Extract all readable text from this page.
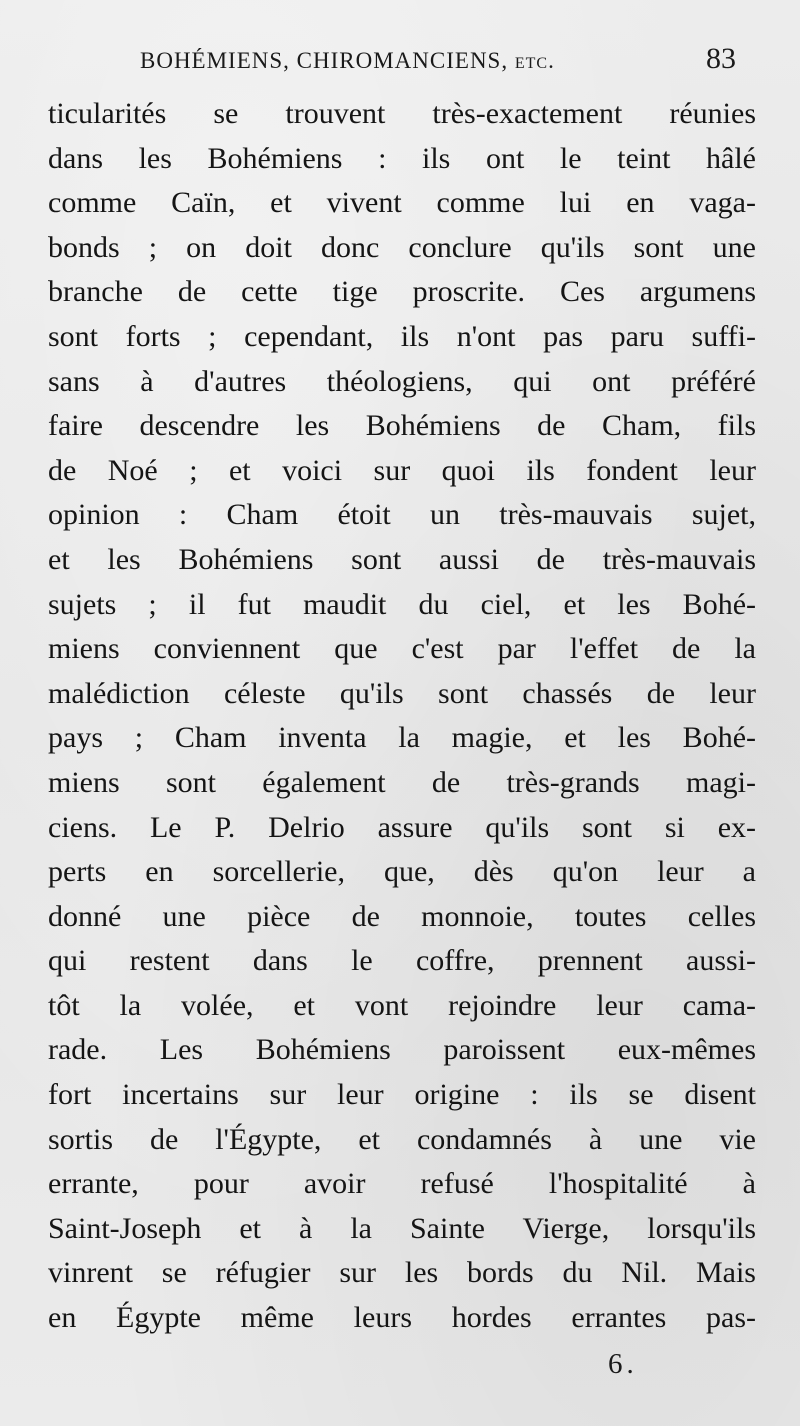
BOHÉMIENS, CHIROMANCIENS, etc.	83
ticularités se trouvent très-exactement réunies
dans les Bohémiens : ils ont le teint hâlé
comme Caïn, et vivent comme lui en vaga-
bonds ; on doit donc conclure qu'ils sont une
branche de cette tige proscrite. Ces argumens
sont forts ; cependant, ils n'ont pas paru suffi-
sans à d'autres théologiens, qui ont préféré
faire descendre les Bohémiens de Cham, fils
de Noé ; et voici sur quoi ils fondent leur
opinion : Cham étoit un très-mauvais sujet,
et les Bohémiens sont aussi de très-mauvais
sujets ; il fut maudit du ciel, et les Bohé-
miens conviennent que c'est par l'effet de la
malédiction céleste qu'ils sont chassés de leur
pays ; Cham inventa la magie, et les Bohé-
miens sont également de très-grands magi-
ciens. Le P. Delrio assure qu'ils sont si ex-
perts en sorcellerie, que, dès qu'on leur a
donné une pièce de monnoie, toutes celles
qui restent dans le coffre, prennent aussi-
tôt la volée, et vont rejoindre leur cama-
rade. Les Bohémiens paroissent eux-mêmes
fort incertains sur leur origine : ils se disent
sortis de l'Égypte, et condamnés à une vie
errante, pour avoir refusé l'hospitalité à
Saint-Joseph et à la Sainte Vierge, lorsqu'ils
vinrent se réfugier sur les bords du Nil. Mais
en Égypte même leurs hordes errantes pas-
6.
